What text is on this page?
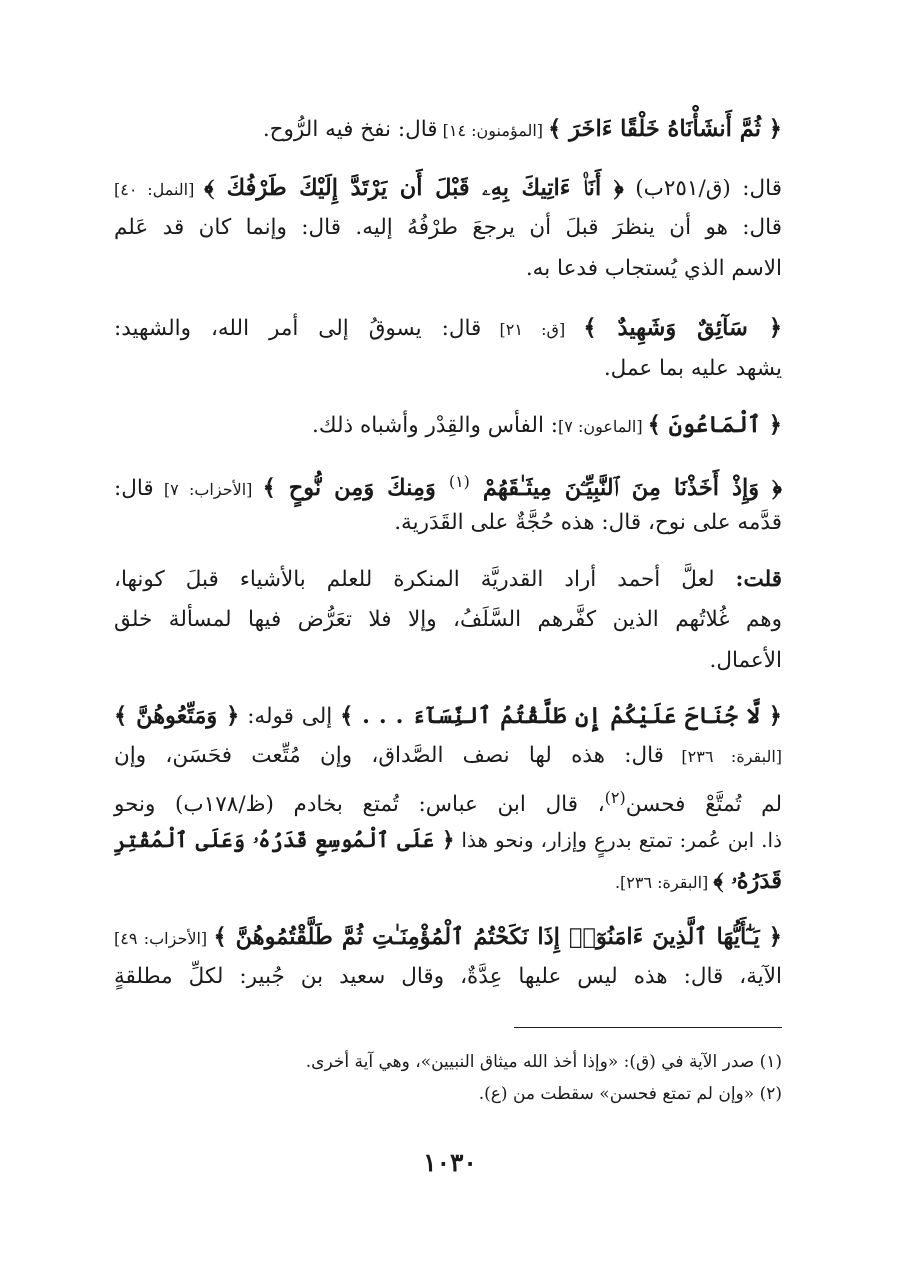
﴿ ثُمَّ أَنشَأْنَاهُ خَلْقًا ءَاخَرَ ﴾ [المؤمنون: ١٤] قال: نفخ فيه الرُّوح.
قال: (ق/٢٥١ب) ﴿ أَنَا۠ ءَاتِيكَ بِهِۦ قَبْلَ أَن يَرْتَدَّ إِلَيْكَ طَرْفُكَ ﴾ [النمل: ٤٠]
قال: هو أن ينظرَ قبلَ أن يرجعَ طرْفُهُ إليه. قال: وإنما كان قد عَلم
الاسم الذي يُستجاب فدعا به.
﴿ سَآئِقٌ وَشَهِيدٌ ﴾ [ق: ٢١] قال: يسوقُ إلى أمر الله، والشهيد:
يشهد عليه بما عمل.
﴿ ٱلْمَاعُونَ ﴾ [الماعون: ٧]: الفأس والقِدْر وأشباه ذلك.
﴿ وَإِذْ أَخَذْنَا مِنَ ٱلنَّبِيِّـۧنَ مِيثَـٰقَهُمْ $^{(١)}$ وَمِنكَ وَمِن نُّوحٍ ﴾ [الأحزاب: ٧] قال:
قدَّمه على نوح، قال: هذه حُجَّةٌ على القَدَرية.
قلت: لعلَّ أحمد أراد القدريَّة المنكرة للعلم بالأشياء قبلَ كونها،
وهم غُلاتُهم الذين كفَّرهم السَّلَفُ، وإلا فلا تعَرُّض فيها لمسألة خلق
الأعمال.
﴿ لَّا جُنَاحَ عَلَيْكُمْ إِن طَلَّقْتُمُ ٱلنِّسَآءَ . . . ﴾ إلى قوله: ﴿ وَمَتِّعُوهُنَّ ﴾
[البقرة: ٢٣٦] قال: هذه لها نصف الصَّداق، وإن مُتِّعت فحَسَن، وإن
لم تُمتَّعْ فحسن$^{(٢)}$، قال ابن عباس: تُمتع بخادم (ظ/١٧٨ب) ونحو
ذا. ابن عُمر: تمتع بدرعٍ وإزار، ونحو هذا ﴿ عَلَى ٱلْمُوسِعِ قَدَرُهُۥ وَعَلَى ٱلْمُقْتِرِ
قَدَرُهُۥ ﴾ [البقرة: ٢٣٦].
﴿ يَـٰٓأَيُّهَا ٱلَّذِينَ ءَامَنُوٓا۟ إِذَا نَكَحْتُمُ ٱلْمُؤْمِنَـٰتِ ثُمَّ طَلَّقْتُمُوهُنَّ ﴾ [الأحزاب: ٤٩]
الآية، قال: هذه ليس عليها عِدَّةٌ، وقال سعيد بن جُبير: لكلِّ مطلقةٍ
(١) صدر الآية في (ق): «وإذا أخذ الله ميثاق النبيين»، وهي آية أخرى.
(٢) «وإن لم تمتع فحسن» سقطت من (ع).
١٠٣٠
